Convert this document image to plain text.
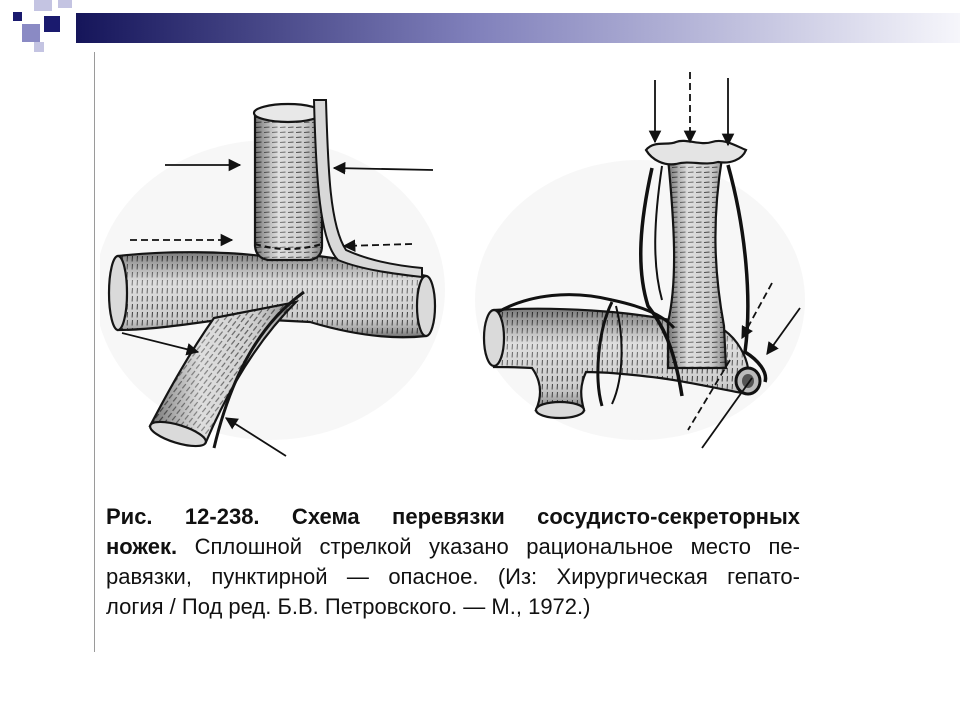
Рис. 12-238. Схема перевязки сосудисто-секреторных
ножек. Сплошной стрелкой указано рациональное место пе-
равязки, пунктирной — опасное. (Из: Хирургическая гепато-
логия / Под ред. Б.В. Петровского. — М., 1972.)
